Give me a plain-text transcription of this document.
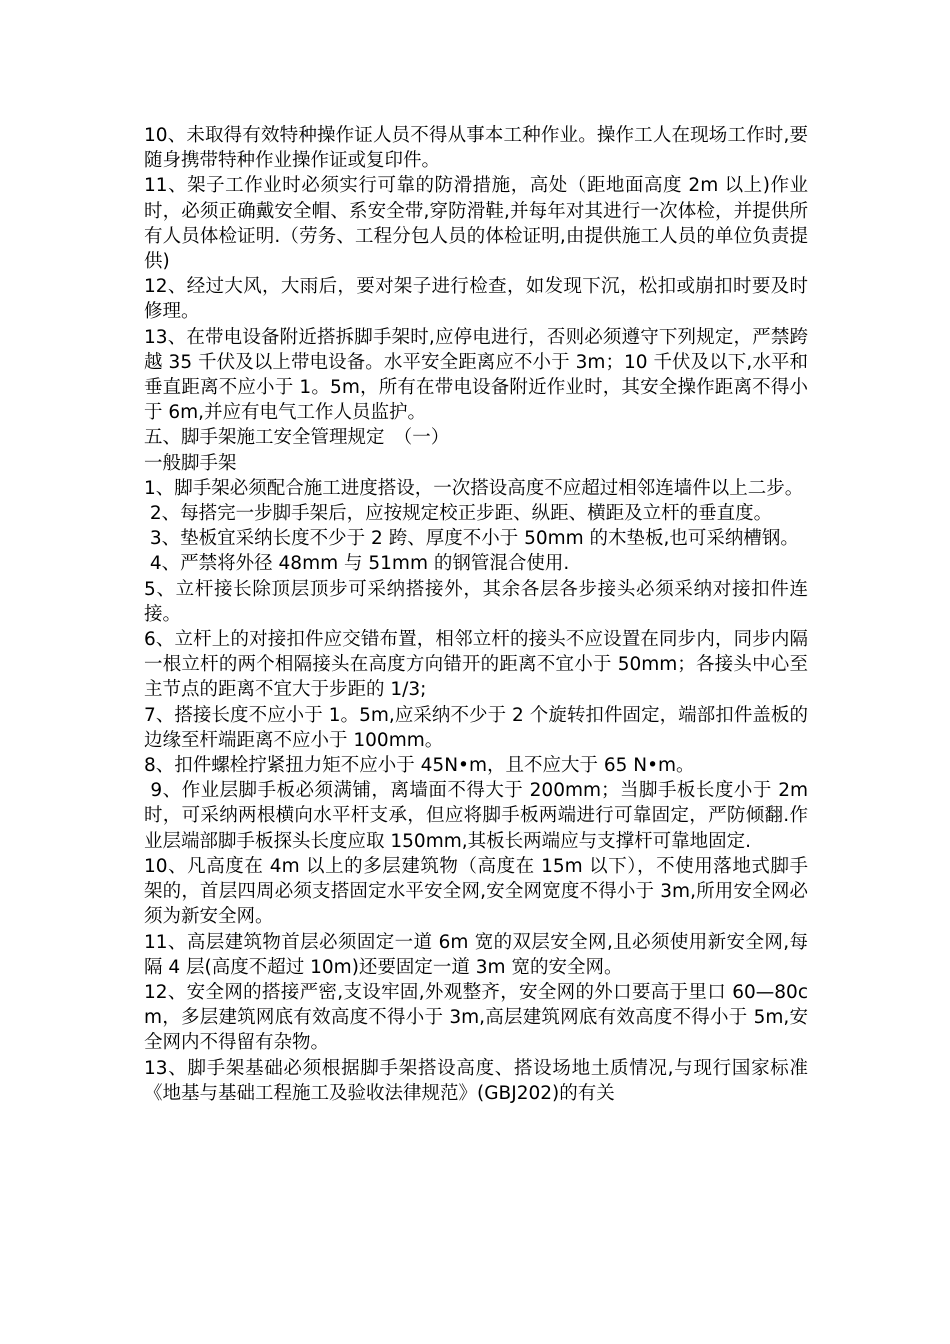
10、未取得有效特种操作证人员不得从事本工种作业。操作工人在现场工作时,要随身携带特种作业操作证或复印件。

11、架子工作业时必须实行可靠的防滑措施，高处（距地面高度 2m 以上)作业时，必须正确戴安全帽、系安全带,穿防滑鞋,并每年对其进行一次体检，并提供所有人员体检证明.（劳务、工程分包人员的体检证明,由提供施工人员的单位负责提供)

12、经过大风，大雨后，要对架子进行检查，如发现下沉，松扣或崩扣时要及时修理。

13、在带电设备附近搭拆脚手架时,应停电进行，否则必须遵守下列规定，严禁跨越 35 千伏及以上带电设备。水平安全距离应不小于 3m；10 千伏及以下,水平和垂直距离不应小于 1。5m，所有在带电设备附近作业时，其安全操作距离不得小于 6m,并应有电气工作人员监护。

五、脚手架施工安全管理规定　（一）

一般脚手架

1、脚手架必须配合施工进度搭设，一次搭设高度不应超过相邻连墙件以上二步。

2、每搭完一步脚手架后，应按规定校正步距、纵距、横距及立杆的垂直度。

3、垫板宜采纳长度不少于 2 跨、厚度不小于 50mm 的木垫板,也可采纳槽钢。

4、严禁将外径 48mm 与 51mm 的钢管混合使用.

5、立杆接长除顶层顶步可采纳搭接外，其余各层各步接头必须采纳对接扣件连接。

6、立杆上的对接扣件应交错布置，相邻立杆的接头不应设置在同步内，同步内隔一根立杆的两个相隔接头在高度方向错开的距离不宜小于 50mm；各接头中心至主节点的距离不宜大于步距的 1/3;

7、搭接长度不应小于 1。5m,应采纳不少于 2 个旋转扣件固定，端部扣件盖板的边缘至杆端距离不应小于 100mm。

8、扣件螺栓拧紧扭力矩不应小于 45N•m，且不应大于 65 N•m。

9、作业层脚手板必须满铺，离墙面不得大于 200mm；当脚手板长度小于 2m 时，可采纳两根横向水平杆支承，但应将脚手板两端进行可靠固定，严防倾翻.作业层端部脚手板探头长度应取 150mm,其板长两端应与支撑杆可靠地固定.

10、凡高度在 4m 以上的多层建筑物（高度在 15m 以下），不使用落地式脚手架的，首层四周必须支搭固定水平安全网,安全网宽度不得小于 3m,所用安全网必须为新安全网。

11、高层建筑物首层必须固定一道 6m 宽的双层安全网,且必须使用新安全网,每隔 4 层(高度不超过 10m)还要固定一道 3m 宽的安全网。

12、安全网的搭接严密,支设牢固,外观整齐，安全网的外口要高于里口 60—80cm，多层建筑网底有效高度不得小于 3m,高层建筑网底有效高度不得小于 5m,安全网内不得留有杂物。

13、脚手架基础必须根据脚手架搭设高度、搭设场地土质情况,与现行国家标准《地基与基础工程施工及验收法律规范》(GBJ202)的有关
